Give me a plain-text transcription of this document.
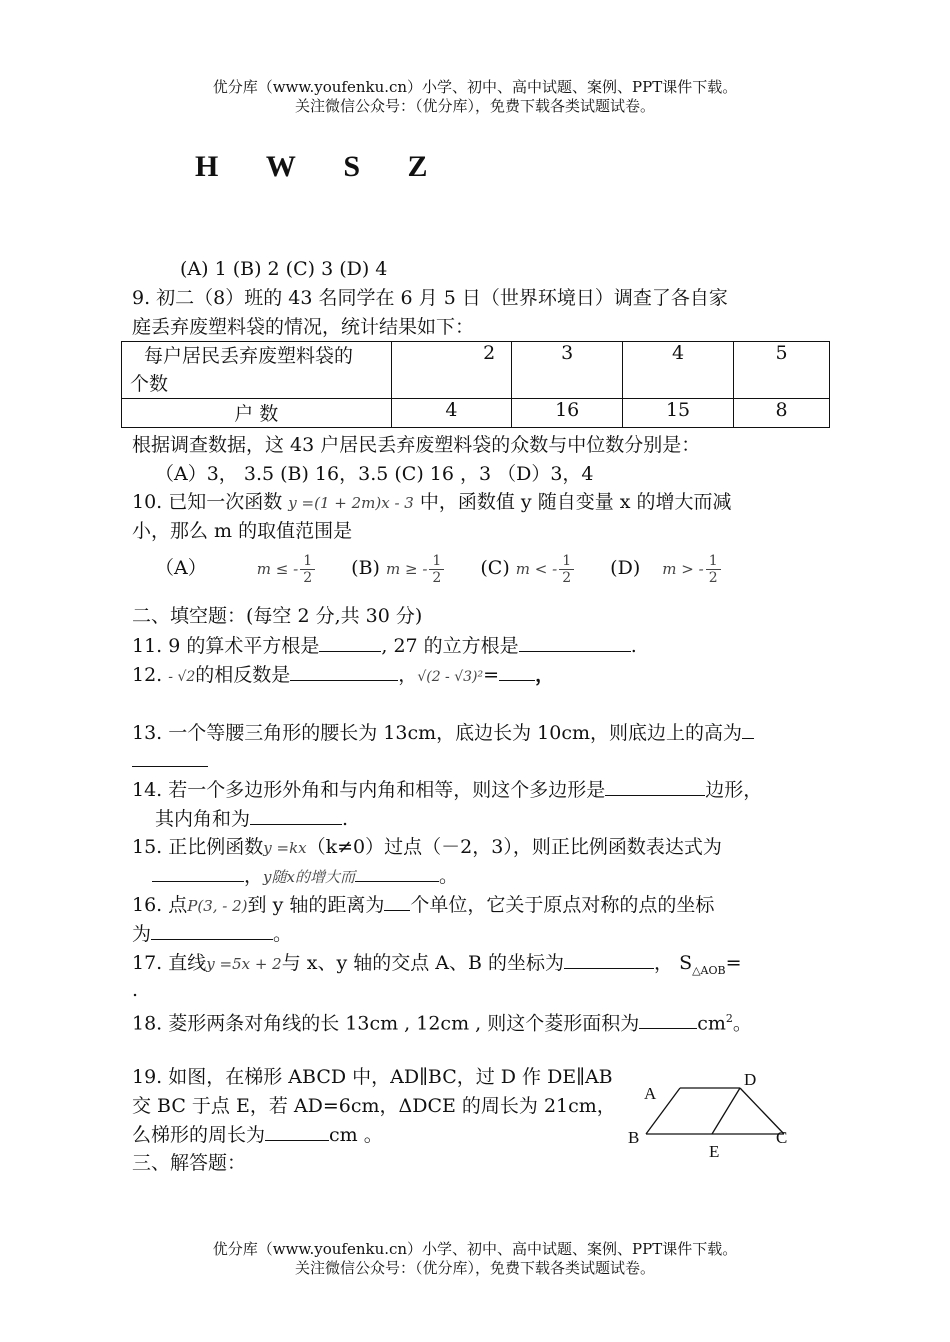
优分库（www.youfenku.cn）小学、初中、高中试题、案例、PPT课件下载。
关注微信公众号：（优分库），免费下载各类试题试卷。
H W S Z
(A) 1 (B) 2 (C) 3 (D) 4
9. 初二（8）班的 43 名同学在 6 月 5 日（世界环境日）调查了各自家
庭丢弃废塑料袋的情况，统计结果如下：
每户居民丢弃废塑料袋的
个数	2	3	4	5
户 数	4	16	15	8
根据调查数据，这 43 户居民丢弃废塑料袋的众数与中位数分别是：
（A）3， 3.5 (B) 16，3.5 (C) 16 ，3 （D）3，4
10. 已知一次函数 y =(1 + 2m)x - 3 中，函数值 y 随自变量 x 的增大而减
小，那么 m 的取值范围是
（A）	m ≤ - $\frac{1}{2} (B) m$ ≥ - $\frac{1}{2} (C) m$ < - $\frac{1}{2} (D) m$ > - $\frac{1}{2}$
二、填空题：(每空 2 分,共 30 分)
11. 9 的算术平方根是	, 27 的立方根是	.
12. - √2的相反数是	，√(2 - √3)²= ，
13. 一个等腰三角形的腰长为 13cm，底边长为 10cm，则底边上的高为
14. 若一个多边形外角和与内角和相等，则这个多边形是	边形，
其内角和为	.
15. 正比例函数y =kx（k≠0）过点（－2，3），则正比例函数表达式为
，y随x的增大而	。
16. 点P(3, - 2)到 y 轴的距离为 个单位，它关于原点对称的点的坐标
为	。
17. 直线y =5x + 2与 x、y 轴的交点 A、B 的坐标为	， $S_{\triangle AOB}=$
.
18. 菱形两条对角线的长 13cm , 12cm , 则这个菱形面积为	$cm^2$。
19. 如图，在梯形 ABCD 中，AD∥BC，过 D 作 DE∥AB
交 BC 于点 E，若 AD=6cm，ΔDCE 的周长为 21cm，
么梯形的周长为	cm 。
A
D
B	C
E
三、解答题：
优分库（www.youfenku.cn）小学、初中、高中试题、案例、PPT课件下载。
关注微信公众号：（优分库），免费下载各类试题试卷。
